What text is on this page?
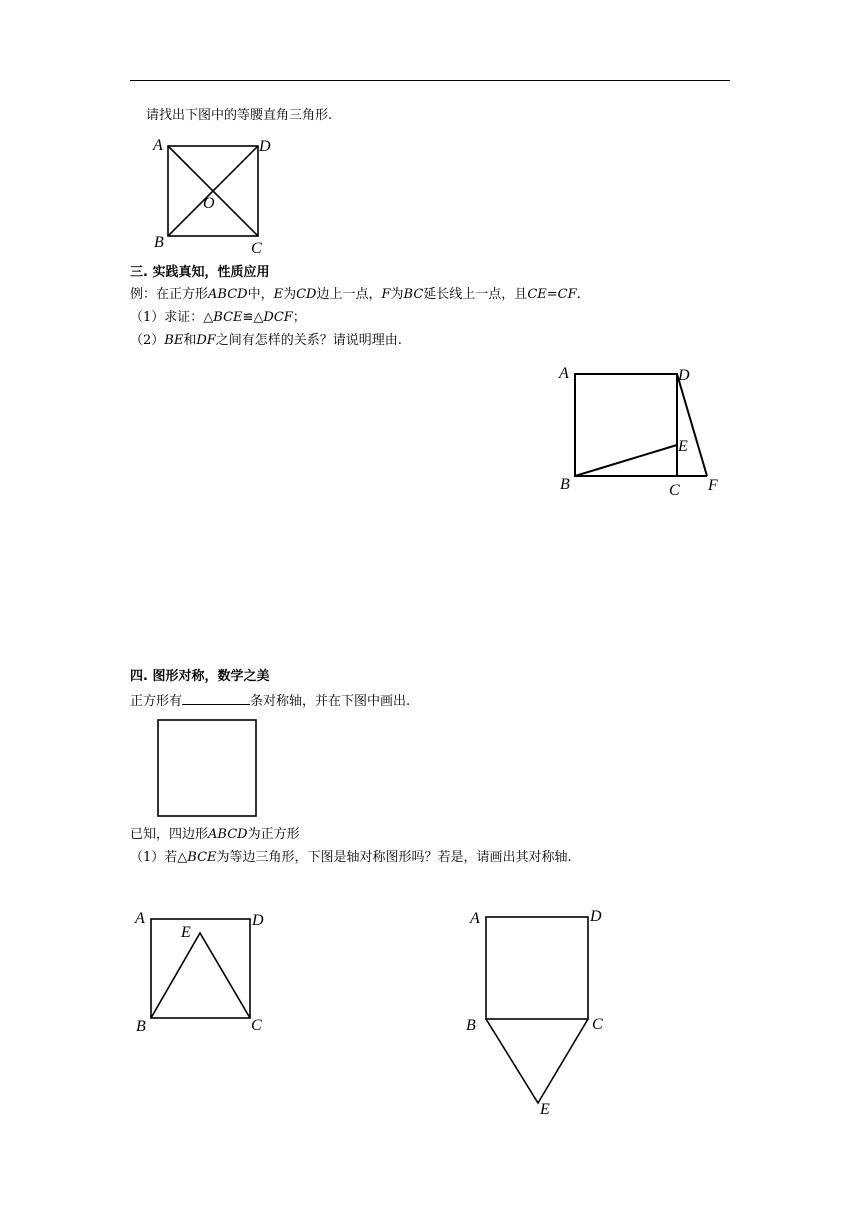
请找出下图中的等腰直角三角形.
A	D
O
B	C
三. 实践真知，性质应用
例：在正方形ABCD中，E为CD边上一点，F为BC延长线上一点，且CE=CF.
（1）求证：△BCE≌△DCF；
（2）BE和DF之间有怎样的关系？请说明理由.
A	D
E
B	C F
四. 图形对称，数学之美
正方形有	条对称轴，并在下图中画出.
已知，四边形ABCD为正方形
（1）若△BCE为等边三角形，下图是轴对称图形吗？若是，请画出其对称轴.
A	D
E
B	C
A	D
B	C
E
